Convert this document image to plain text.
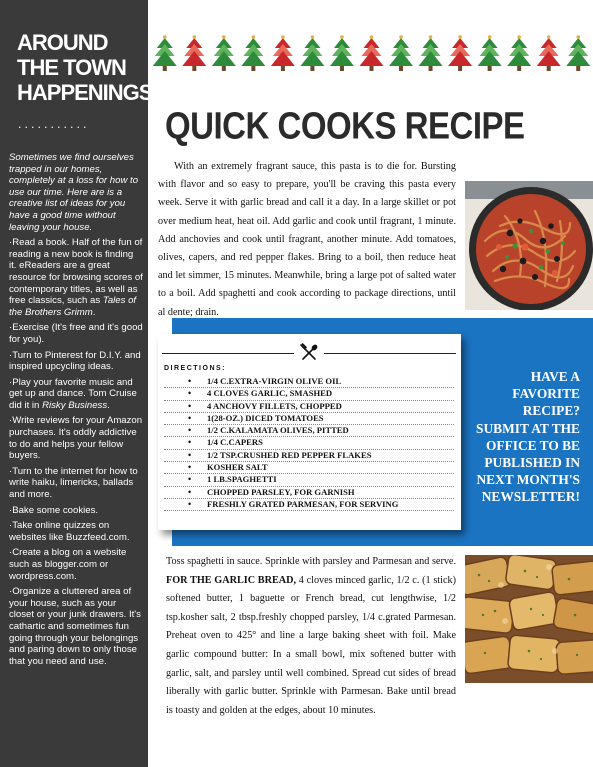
AROUND THE TOWN HAPPENINGS
...........
Sometimes we find ourselves trapped in our homes, completely at a loss for how to use our time. Here are is a creative list of ideas for you have a good time without leaving your house.
·Read a book. Half of the fun of reading a new book is finding it. eReaders are a great resource for browsing scores of contemporary titles, as well as free classics, such as Tales of the Brothers Grimm.
·Exercise (It's free and it's good for you).
·Turn to Pinterest for D.I.Y. and inspired upcycling ideas.
·Play your favorite music and get up and dance. Tom Cruise did it in Risky Business.
·Write reviews for your Amazon purchases. It's oddly addictive to do and helps your fellow buyers.
·Turn to the internet for how to write haiku, limericks, ballads and more.
·Bake some cookies.
·Take online quizzes on websites like Buzzfeed.com.
·Create a blog on a website such as blogger.com or wordpress.com.
·Organize a cluttered area of your house, such as your closet or your junk drawers. It's cathartic and sometimes fun going through your belongings and paring down to only those that you need and use.
QUICK COOKS RECIPE
With an extremely fragrant sauce, this pasta is to die for. Bursting with flavor and so easy to prepare, you'll be craving this pasta every week. Serve it with garlic bread and call it a day. In a large skillet or pot over medium heat, heat oil. Add garlic and cook until fragrant, 1 minute. Add anchovies and cook until fragrant, another minute. Add tomatoes, olives, capers, and red pepper flakes. Bring to a boil, then reduce heat and let simmer, 15 minutes. Meanwhile, bring a large pot of salted water to a boil. Add spaghetti and cook according to package directions, until al dente; drain.
DIRECTIONS:
• 1/4 C.EXTRA-VIRGIN OLIVE OIL
• 4 CLOVES GARLIC, SMASHED
• 4 ANCHOVY FILLETS, CHOPPED
• 1(28-OZ.) DICED TOMATOES
• 1/2 C.KALAMATA OLIVES, PITTED
• 1/4 C.CAPERS
• 1/2 TSP.CRUSHED RED PEPPER FLAKES
• KOSHER SALT
• 1 LB.SPAGHETTI
• CHOPPED PARSLEY, FOR GARNISH
• FRESHLY GRATED PARMESAN, FOR SERVING
HAVE A FAVORITE RECIPE? SUBMIT AT THE OFFICE TO BE PUBLISHED IN NEXT MONTH'S NEWSLETTER!
Toss spaghetti in sauce. Sprinkle with parsley and Parmesan and serve. FOR THE GARLIC BREAD, 4 cloves minced garlic, 1/2 c. (1 stick) softened butter, 1 baguette or French bread, cut lengthwise, 1/2 tsp.kosher salt, 2 tbsp.freshly chopped parsley, 1/4 c.grated Parmesan. Preheat oven to 425° and line a large baking sheet with foil. Make garlic compound butter: In a small bowl, mix softened butter with garlic, salt, and parsley until well combined. Spread cut sides of bread liberally with garlic butter. Sprinkle with Parmesan. Bake until bread is toasty and golden at the edges, about 10 minutes.
